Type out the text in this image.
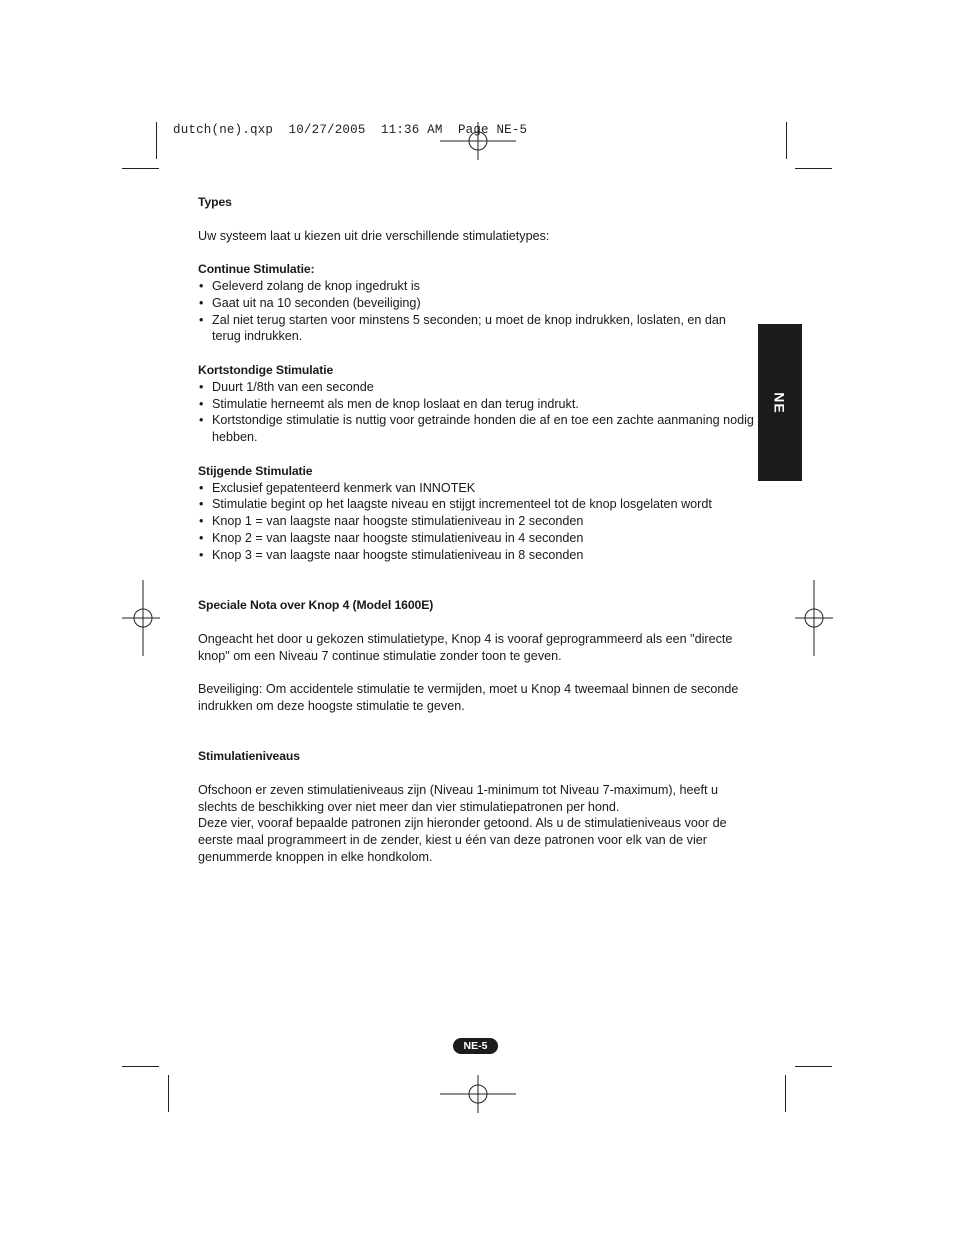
dutch(ne).qxp  10/27/2005  11:36 AM  Page NE-5
NE

Types

Uw systeem laat u kiezen uit drie verschillende stimulatietypes:

Continue Stimulatie:

• Geleverd zolang de knop ingedrukt is
• Gaat uit na 10 seconden (beveiliging)
• Zal niet terug starten voor minstens 5 seconden; u moet de knop indrukken, loslaten, en dan terug indrukken.

Kortstondige Stimulatie

• Duurt 1/8th van een seconde
• Stimulatie herneemt als men de knop loslaat en dan terug indrukt.
• Kortstondige stimulatie is nuttig voor getrainde honden die af en toe een zachte aanmaning nodig hebben.

Stijgende Stimulatie

• Exclusief gepatenteerd kenmerk van INNOTEK
• Stimulatie begint op het laagste niveau en stijgt incrementeel tot de knop losgelaten wordt
• Knop 1 = van laagste naar hoogste stimulatieniveau in 2 seconden
• Knop 2 = van laagste naar hoogste stimulatieniveau in 4 seconden
• Knop 3 = van laagste naar hoogste stimulatieniveau in 8 seconden

Speciale Nota over Knop 4 (Model 1600E)

Ongeacht het door u gekozen stimulatietype, Knop 4 is vooraf geprogrammeerd als een "directe knop" om een Niveau 7 continue stimulatie zonder toon te geven.

Beveiliging: Om accidentele stimulatie te vermijden, moet u Knop 4 tweemaal binnen de seconde indrukken om deze hoogste stimulatie te geven.

Stimulatieniveaus

Ofschoon er zeven stimulatieniveaus zijn (Niveau 1-minimum tot Niveau 7-maximum), heeft u slechts de beschikking over niet meer dan vier stimulatiepatronen per hond.

Deze vier, vooraf bepaalde patronen zijn hieronder getoond. Als u de stimulatieniveaus voor de eerste maal programmeert in de zender, kiest u één van deze patronen voor elk van de vier genummerde knoppen in elke hondkolom.

NE-5
